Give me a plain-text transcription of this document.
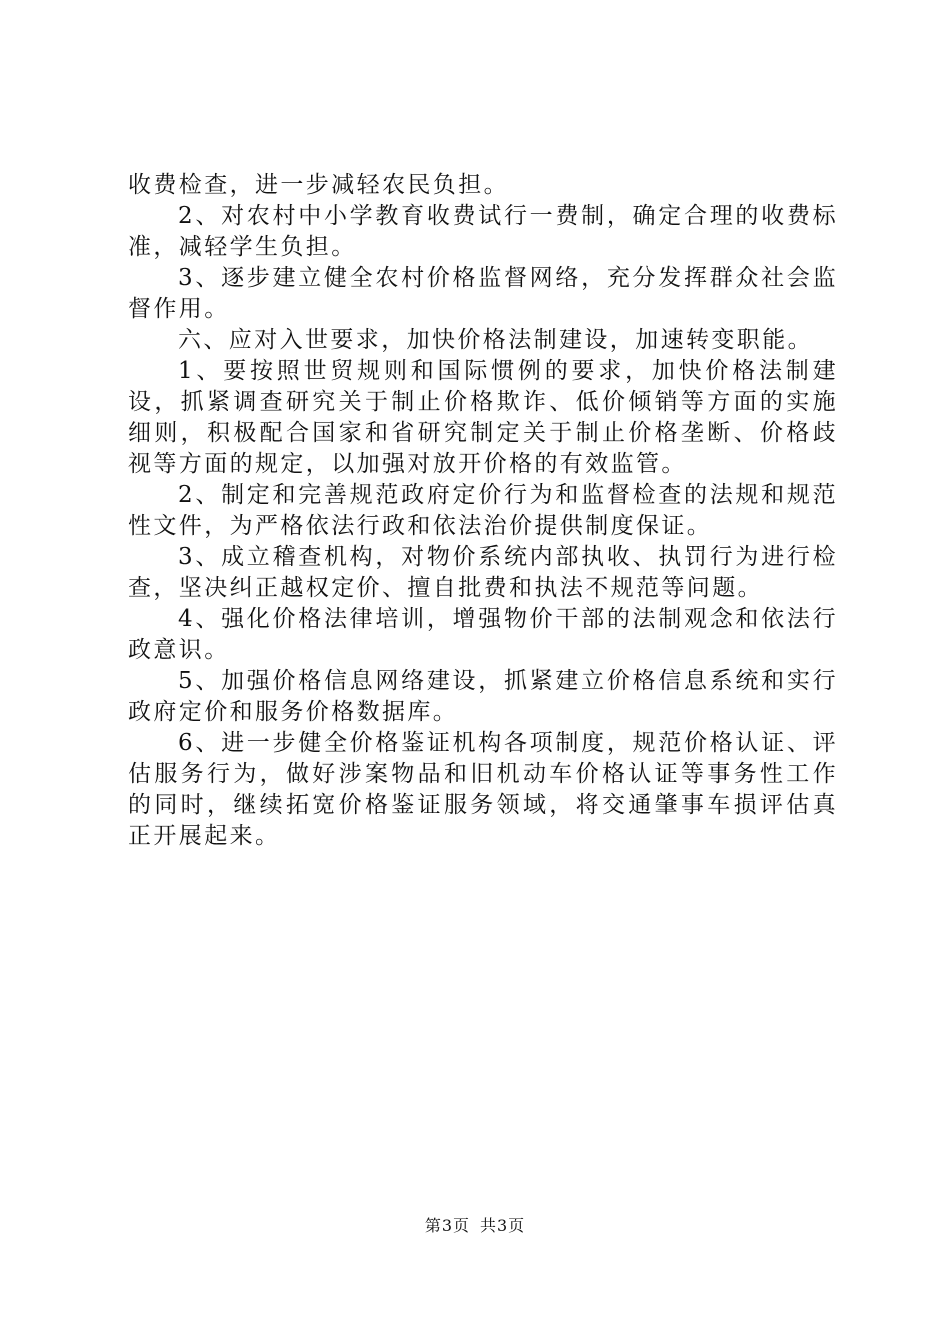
收费检查，进一步减轻农民负担。

2、对农村中小学教育收费试行一费制，确定合理的收费标准，减轻学生负担。

3、逐步建立健全农村价格监督网络，充分发挥群众社会监督作用。

六、应对入世要求，加快价格法制建设，加速转变职能。

1、要按照世贸规则和国际惯例的要求，加快价格法制建设，抓紧调查研究关于制止价格欺诈、低价倾销等方面的实施细则，积极配合国家和省研究制定关于制止价格垄断、价格歧视等方面的规定，以加强对放开价格的有效监管。

2、制定和完善规范政府定价行为和监督检查的法规和规范性文件，为严格依法行政和依法治价提供制度保证。

3、成立稽查机构，对物价系统内部执收、执罚行为进行检查，坚决纠正越权定价、擅自批费和执法不规范等问题。

4、强化价格法律培训，增强物价干部的法制观念和依法行政意识。

5、加强价格信息网络建设，抓紧建立价格信息系统和实行政府定价和服务价格数据库。

6、进一步健全价格鉴证机构各项制度，规范价格认证、评估服务行为，做好涉案物品和旧机动车价格认证等事务性工作的同时，继续拓宽价格鉴证服务领域，将交通肇事车损评估真正开展起来。

第3页 共3页
